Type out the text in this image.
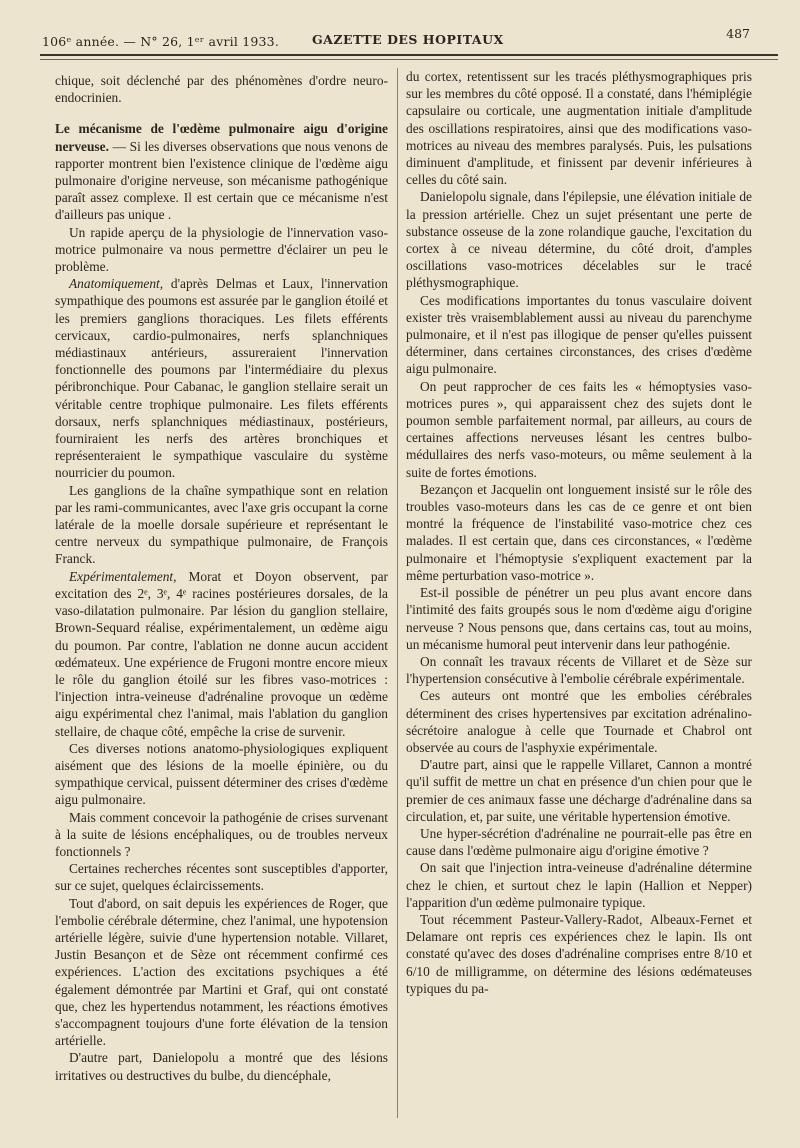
106ᵉ année. — N° 26, 1ᵉʳ avril 1933.	GAZETTE DES HOPITAUX	487

chique, soit déclenché par des phénomènes d'ordre neuro-endocrinien.

Le mécanisme de l'œdème pulmonaire aigu d'origine nerveuse. — Si les diverses observations que nous venons de rapporter montrent bien l'existence clinique de l'œdème aigu pulmonaire d'origine nerveuse, son mécanisme pathogénique paraît assez complexe. Il est certain que ce mécanisme n'est d'ailleurs pas unique .

Un rapide aperçu de la physiologie de l'innervation vaso-motrice pulmonaire va nous permettre d'éclairer un peu le problème.

Anatomiquement, d'après Delmas et Laux, l'innervation sympathique des poumons est assurée par le ganglion étoilé et les premiers ganglions thoraciques. Les filets efférents cervicaux, cardio-pulmonaires, nerfs splanchniques médiastinaux antérieurs, assureraient l'innervation fonctionnelle des poumons par l'intermédiaire du plexus péribronchique. Pour Cabanac, le ganglion stellaire serait un véritable centre trophique pulmonaire. Les filets efférents dorsaux, nerfs splanchniques médiastinaux, postérieurs, fourniraient les nerfs des artères bronchiques et représenteraient le sympathique vasculaire du système nourricier du poumon.

Les ganglions de la chaîne sympathique sont en relation par les rami-communicantes, avec l'axe gris occupant la corne latérale de la moelle dorsale supérieure et représentant le centre nerveux du sympathique pulmonaire, de François Franck.

Expérimentalement, Morat et Doyon observent, par excitation des 2ᵉ, 3ᵉ, 4ᵉ racines postérieures dorsales, de la vaso-dilatation pulmonaire. Par lésion du ganglion stellaire, Brown-Sequard réalise, expérimentalement, un œdème aigu du poumon. Par contre, l'ablation ne donne aucun accident œdémateux. Une expérience de Frugoni montre encore mieux le rôle du ganglion étoilé sur les fibres vaso-motrices : l'injection intra-veineuse d'adrénaline provoque un œdème aigu expérimental chez l'animal, mais l'ablation du ganglion stellaire, de chaque côté, empêche la crise de survenir.

Ces diverses notions anatomo-physiologiques expliquent aisément que des lésions de la moelle épinière, ou du sympathique cervical, puissent déterminer des crises d'œdème aigu pulmonaire.

Mais comment concevoir la pathogénie de crises survenant à la suite de lésions encéphaliques, ou de troubles nerveux fonctionnels ?

Certaines recherches récentes sont susceptibles d'apporter, sur ce sujet, quelques éclaircissements.

Tout d'abord, on sait depuis les expériences de Roger, que l'embolie cérébrale détermine, chez l'animal, une hypotension artérielle légère, suivie d'une hypertension notable. Villaret, Justin Besançon et de Sèze ont récemment confirmé ces expériences. L'action des excitations psychiques a été également démontrée par Martini et Graf, qui ont constaté que, chez les hypertendus notamment, les réactions émotives s'accompagnent toujours d'une forte élévation de la tension artérielle.

D'autre part, Danielopolu a montré que des lésions irritatives ou destructives du bulbe, du diencéphale,

du cortex, retentissent sur les tracés pléthysmographiques pris sur les membres du côté opposé. Il a constaté, dans l'hémiplégie capsulaire ou corticale, une augmentation initiale d'amplitude des oscillations respiratoires, ainsi que des modifications vaso-motrices au niveau des membres paralysés. Puis, les pulsations diminuent d'amplitude, et finissent par devenir inférieures à celles du côté sain.

Danielopolu signale, dans l'épilepsie, une élévation initiale de la pression artérielle. Chez un sujet présentant une perte de substance osseuse de la zone rolandique gauche, l'excitation du cortex à ce niveau détermine, du côté droit, d'amples oscillations vaso-motrices décelables sur le tracé pléthysmographique.

Ces modifications importantes du tonus vasculaire doivent exister très vraisemblablement aussi au niveau du parenchyme pulmonaire, et il n'est pas illogique de penser qu'elles puissent déterminer, dans certaines circonstances, des crises d'œdème aigu pulmonaire.

On peut rapprocher de ces faits les « hémoptysies vaso-motrices pures », qui apparaissent chez des sujets dont le poumon semble parfaitement normal, par ailleurs, au cours de certaines affections nerveuses lésant les centres bulbo-médullaires des nerfs vaso-moteurs, ou même seulement à la suite de fortes émotions.

Bezançon et Jacquelin ont longuement insisté sur le rôle des troubles vaso-moteurs dans les cas de ce genre et ont bien montré la fréquence de l'instabilité vaso-motrice chez ces malades. Il est certain que, dans ces circonstances, « l'œdème pulmonaire et l'hémoptysie s'expliquent exactement par la même perturbation vaso-motrice ».

Est-il possible de pénétrer un peu plus avant encore dans l'intimité des faits groupés sous le nom d'œdème aigu d'origine nerveuse ? Nous pensons que, dans certains cas, tout au moins, un mécanisme humoral peut intervenir dans leur pathogénie.

On connaît les travaux récents de Villaret et de Sèze sur l'hypertension consécutive à l'embolie cérébrale expérimentale.

Ces auteurs ont montré que les embolies cérébrales déterminent des crises hypertensives par excitation adrénalino-sécrétoire analogue à celle que Tournade et Chabrol ont observée au cours de l'asphyxie expérimentale.

D'autre part, ainsi que le rappelle Villaret, Cannon a montré qu'il suffit de mettre un chat en présence d'un chien pour que le premier de ces animaux fasse une décharge d'adrénaline dans sa circulation, et, par suite, une véritable hypertension émotive.

Une hyper-sécrétion d'adrénaline ne pourrait-elle pas être en cause dans l'œdème pulmonaire aigu d'origine émotive ?

On sait que l'injection intra-veineuse d'adrénaline détermine chez le chien, et surtout chez le lapin (Hallion et Nepper) l'apparition d'un œdème pulmonaire typique.

Tout récemment Pasteur-Vallery-Radot, Albeaux-Fernet et Delamare ont repris ces expériences chez le lapin. Ils ont constaté qu'avec des doses d'adrénaline comprises entre 8/10 et 6/10 de milligramme, on détermine des lésions œdémateuses typiques du pa-
